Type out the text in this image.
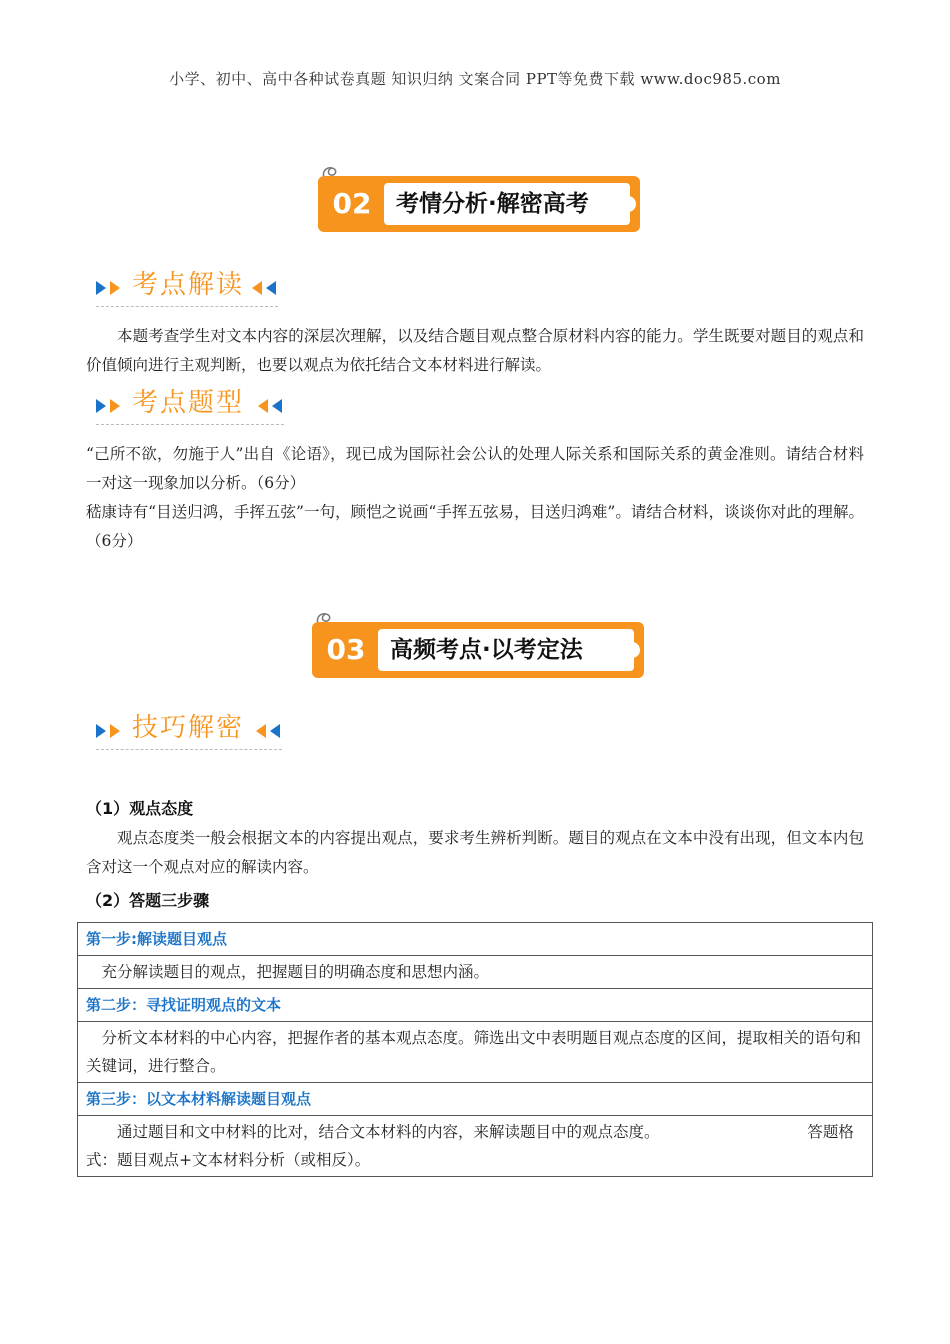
小学、初中、高中各种试卷真题 知识归纳 文案合同 PPT等免费下载 www.doc985.com
02	考情分析·解密高考
考点解读
本题考查学生对文本内容的深层次理解，以及结合题目观点整合原材料内容的能力。学生既要对题目的观点和价值倾向进行主观判断，也要以观点为依托结合文本材料进行解读。
考点题型
“己所不欲，勿施于人”出自《论语》，现已成为国际社会公认的处理人际关系和国际关系的黄金准则。请结合材料一对这一现象加以分析。（6分）
嵇康诗有“目送归鸿，手挥五弦”一句，顾恺之说画“手挥五弦易，目送归鸿难”。请结合材料，谈谈你对此的理解。（6分）
03	高频考点·以考定法
技巧解密
（1）观点态度
观点态度类一般会根据文本的内容提出观点，要求考生辨析判断。题目的观点在文本中没有出现，但文本内包含对这一个观点对应的解读内容。
（2）答题三步骤
第一步:解读题目观点
充分解读题目的观点，把握题目的明确态度和思想内涵。
第二步：寻找证明观点的文本
分析文本材料的中心内容，把握作者的基本观点态度。筛选出文中表明题目观点态度的区间，提取相关的语句和关键词，进行整合。
第三步：以文本材料解读题目观点
通过题目和文中材料的比对，结合文本材料的内容，来解读题目中的观点态度。                              答题格式：题目观点+文本材料分析（或相反）。
